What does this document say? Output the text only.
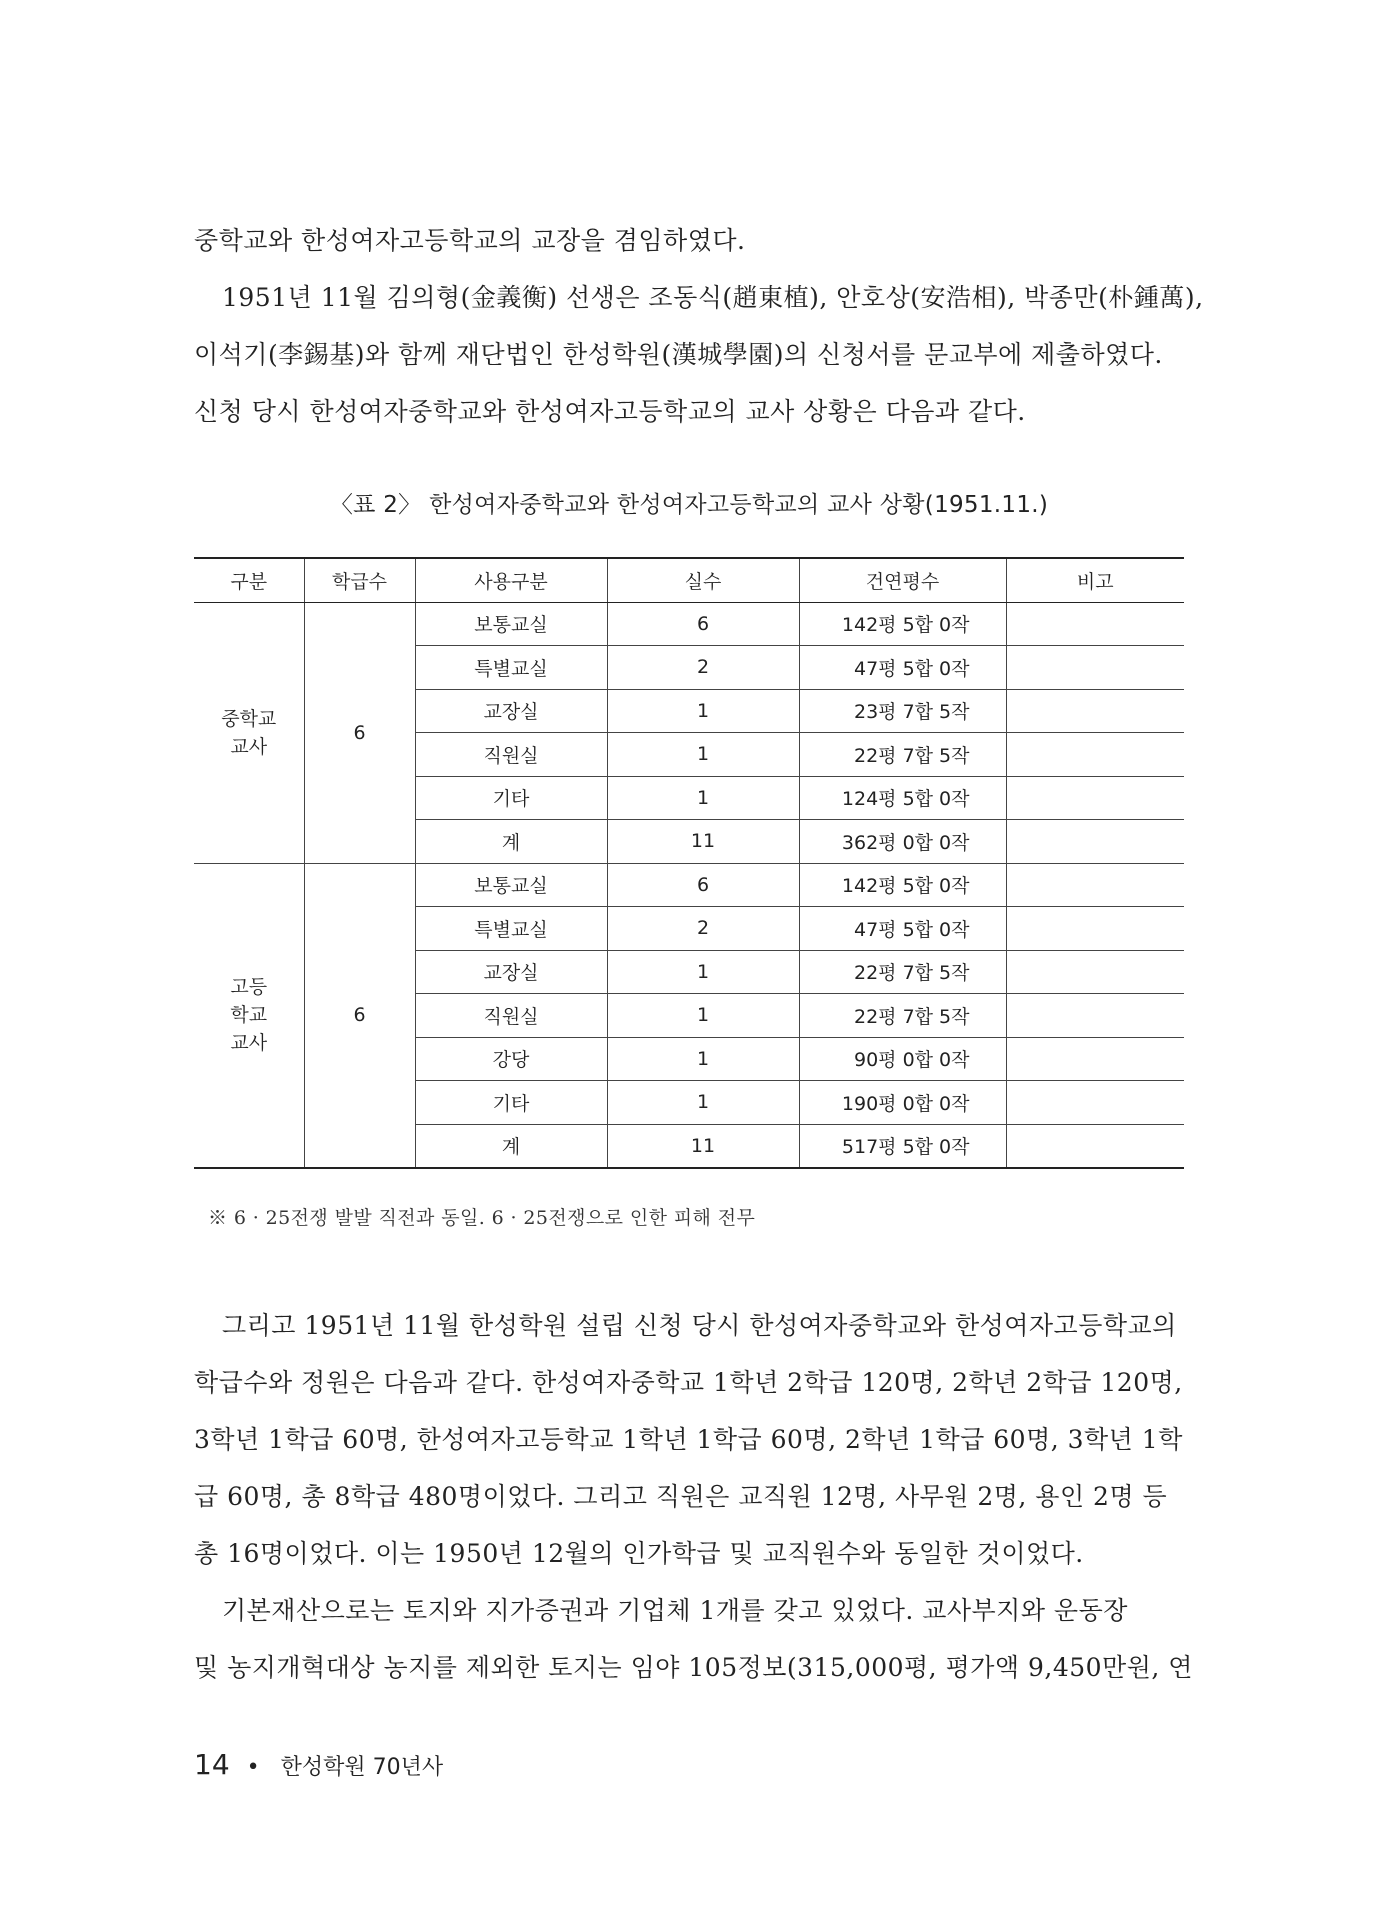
중학교와 한성여자고등학교의 교장을 겸임하였다.
1951년 11월 김의형(金義衡) 선생은 조동식(趙東植), 안호상(安浩相), 박종만(朴鍾萬),
이석기(李錫基)와 함께 재단법인 한성학원(漢城學園)의 신청서를 문교부에 제출하였다.
신청 당시 한성여자중학교와 한성여자고등학교의 교사 상황은 다음과 같다.
〈표 2〉 한성여자중학교와 한성여자고등학교의 교사 상황(1951.11.)
구분	학급수	사용구분	실수	건연평수	비고

중학교
교사	6	보통교실	6	142평 5합 0작	
		특별교실	2	47평 5합 0작	
		교장실	1	23평 7합 5작	
		직원실	1	22평 7합 5작	
		기타	1	124평 5합 0작	
		계	11	362평 0합 0작	

고등
학교
교사	6	보통교실	6	142평 5합 0작	
		특별교실	2	47평 5합 0작	
		교장실	1	22평 7합 5작	
		직원실	1	22평 7합 5작	
		강당	1	90평 0합 0작	
		기타	1	190평 0합 0작	
		계	11	517평 5합 0작	
※ 6 · 25전쟁 발발 직전과 동일. 6 · 25전쟁으로 인한 피해 전무
그리고 1951년 11월 한성학원 설립 신청 당시 한성여자중학교와 한성여자고등학교의
학급수와 정원은 다음과 같다. 한성여자중학교 1학년 2학급 120명, 2학년 2학급 120명,
3학년 1학급 60명, 한성여자고등학교 1학년 1학급 60명, 2학년 1학급 60명, 3학년 1학
급 60명, 총 8학급 480명이었다. 그리고 직원은 교직원 12명, 사무원 2명, 용인 2명 등
총 16명이었다. 이는 1950년 12월의 인가학급 및 교직원수와 동일한 것이었다.
기본재산으로는 토지와 지가증권과 기업체 1개를 갖고 있었다. 교사부지와 운동장
및 농지개혁대상 농지를 제외한 토지는 임야 105정보(315,000평, 평가액 9,450만원, 연
14 • 한성학원 70년사
